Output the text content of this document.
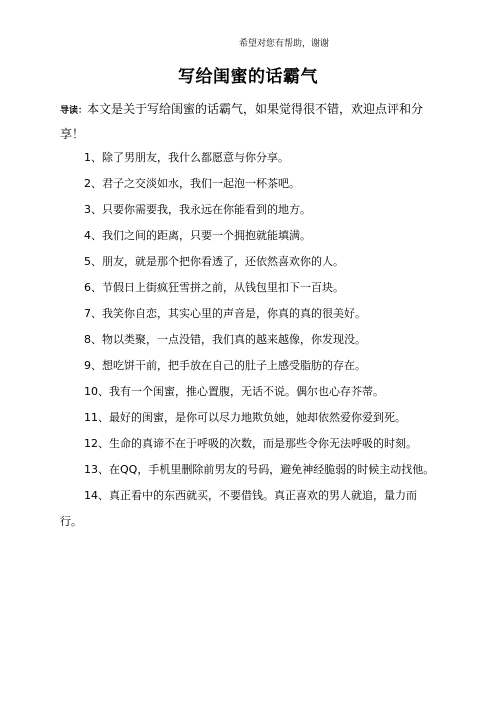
希望对您有帮助，谢谢
写给闺蜜的话霸气
导读：本文是关于写给闺蜜的话霸气，如果觉得很不错，欢迎点评和分享！
1、除了男朋友，我什么都愿意与你分享。
2、君子之交淡如水，我们一起泡一杯茶吧。
3、只要你需要我，我永远在你能看到的地方。
4、我们之间的距离，只要一个拥抱就能填满。
5、朋友，就是那个把你看透了，还依然喜欢你的人。
6、节假日上街疯狂雪拼之前，从钱包里扣下一百块。
7、我笑你自恋，其实心里的声音是，你真的真的很美好。
8、物以类聚，一点没错，我们真的越来越像，你发现没。
9、想吃饼干前，把手放在自己的肚子上感受脂肪的存在。
10、我有一个闺蜜，推心置腹，无话不说。偶尔也心存芥蒂。
11、最好的闺蜜，是你可以尽力地欺负她，她却依然爱你爱到死。
12、生命的真谛不在于呼吸的次数，而是那些令你无法呼吸的时刻。
13、在QQ，手机里删除前男友的号码，避免神经脆弱的时候主动找他。
14、真正看中的东西就买，不要借钱。真正喜欢的男人就追，量力而行。
